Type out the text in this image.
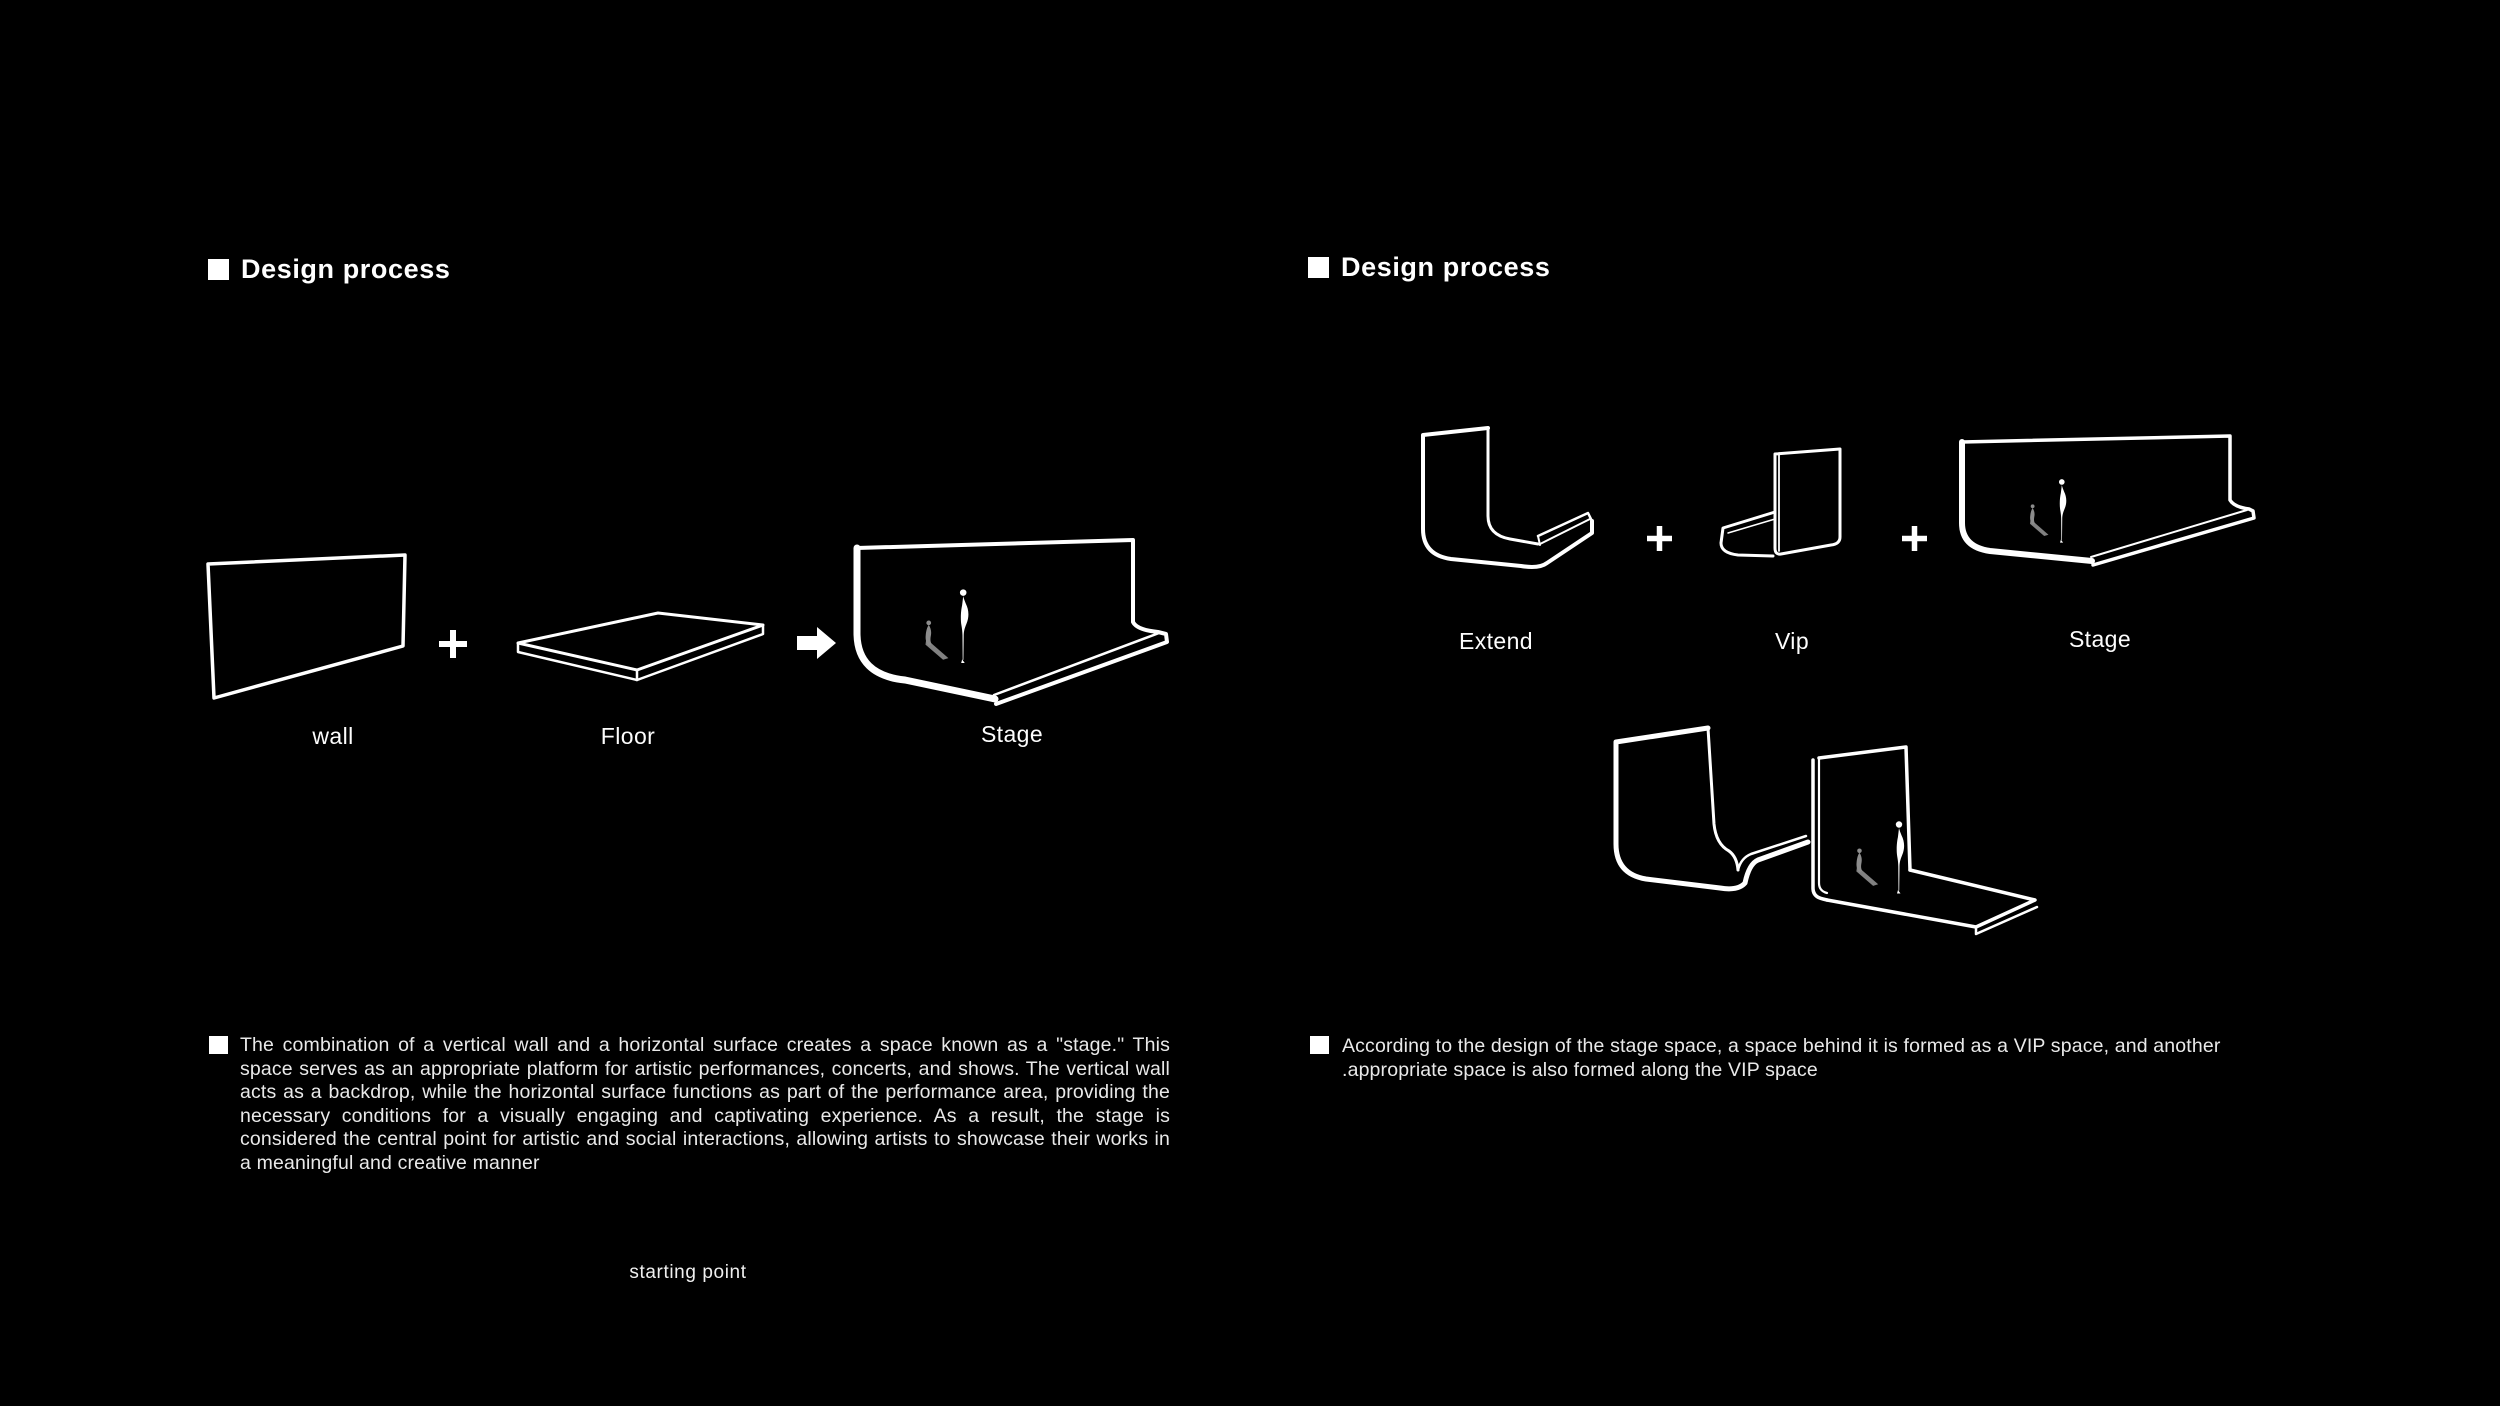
Design process
wall	Floor	Stage
The combination of a vertical wall and a horizontal surface creates a space known as a "stage." This space serves as an appropriate platform for artistic performances, concerts, and shows. The vertical wall acts as a backdrop, while the horizontal surface functions as part of the performance area, providing the necessary conditions for a visually engaging and captivating experience. As a result, the stage is considered the central point for artistic and social interactions, allowing artists to showcase their works in a meaningful and creative manner
starting point
Design process
Extend	Vip	Stage
According to the design of the stage space, a space behind it is formed as a VIP space, and another
.appropriate space is also formed along the VIP space
